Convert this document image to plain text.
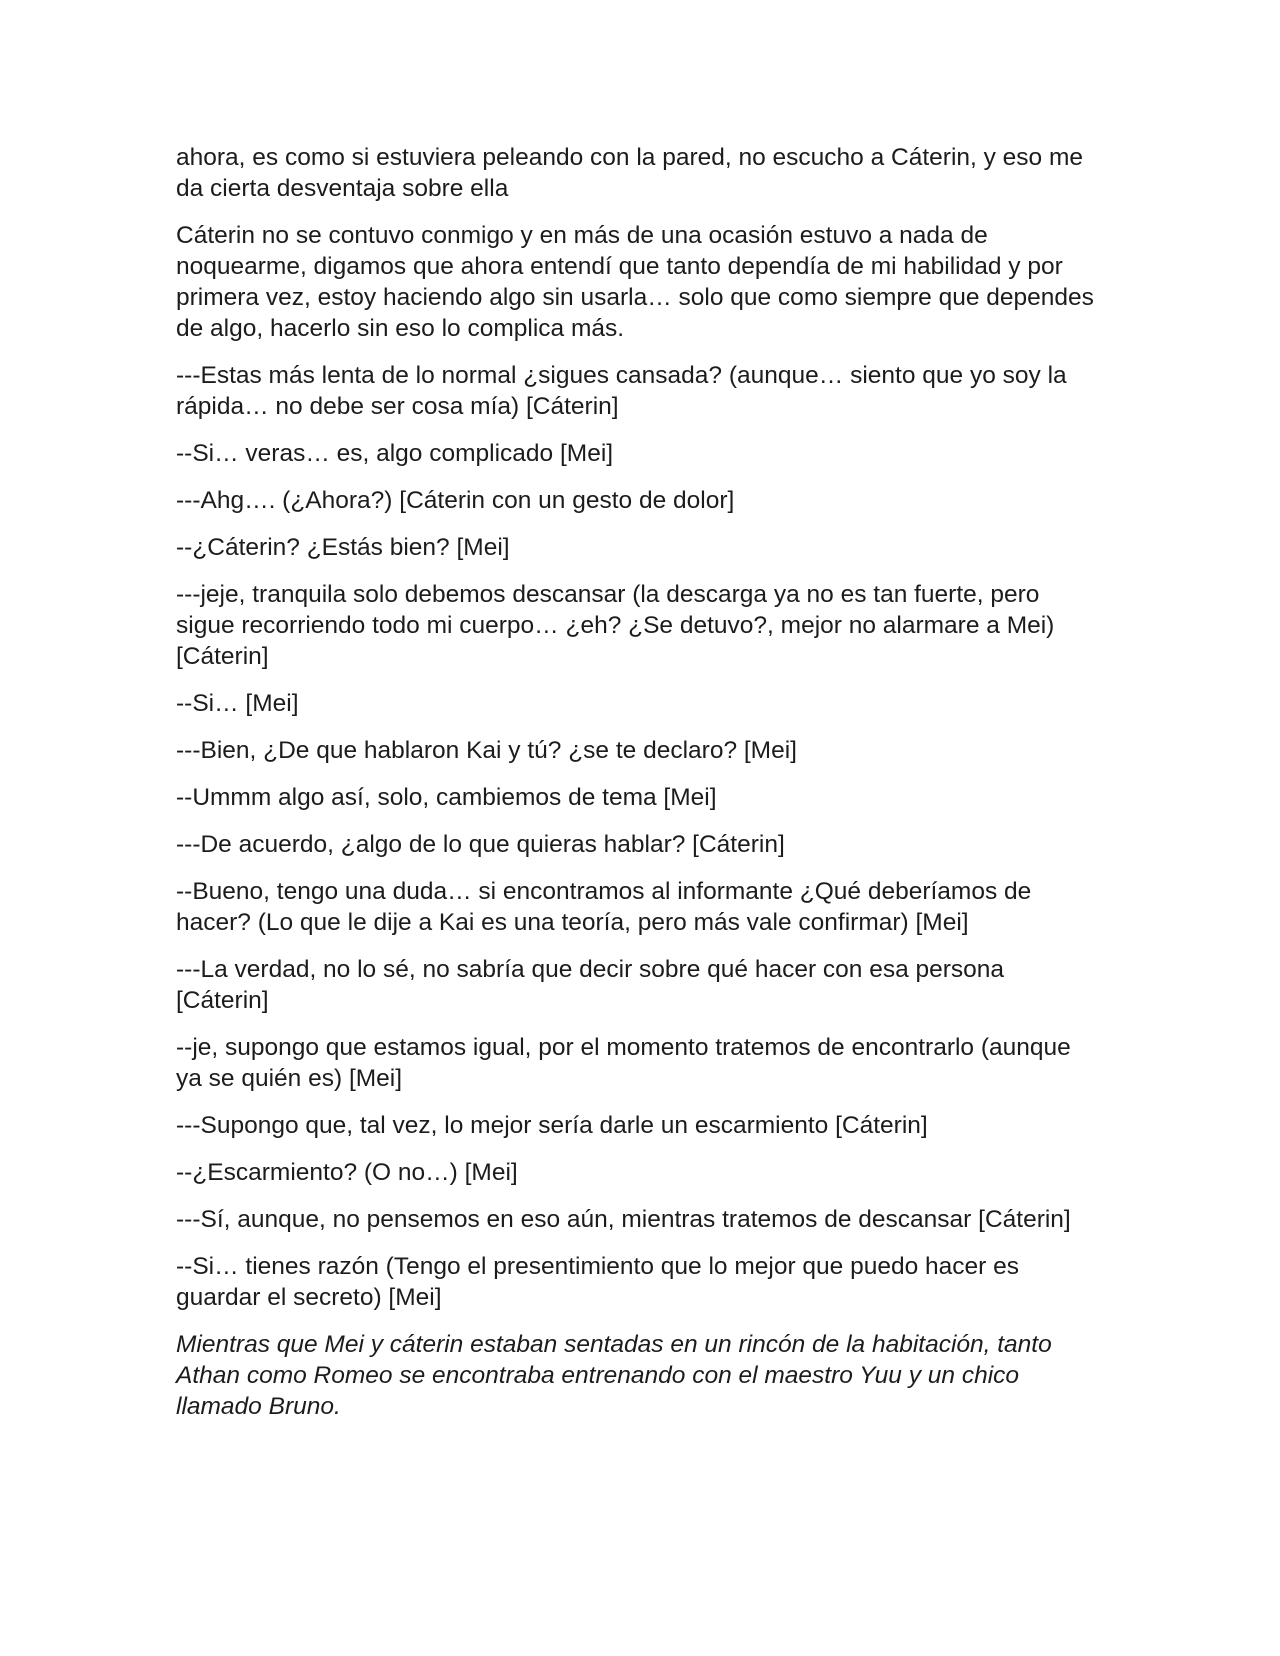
ahora, es como si estuviera peleando con la pared, no escucho a Cáterin, y eso me da cierta desventaja sobre ella

Cáterin no se contuvo conmigo y en más de una ocasión estuvo a nada de noquearme, digamos que ahora entendí que tanto dependía de mi habilidad y por primera vez, estoy haciendo algo sin usarla… solo que como siempre que dependes de algo, hacerlo sin eso lo complica más.

---Estas más lenta de lo normal ¿sigues cansada? (aunque… siento que yo soy la rápida… no debe ser cosa mía) [Cáterin]

--Si… veras… es, algo complicado [Mei]

---Ahg…. (¿Ahora?) [Cáterin con un gesto de dolor]

--¿Cáterin? ¿Estás bien? [Mei]

---jeje, tranquila solo debemos descansar (la descarga ya no es tan fuerte, pero sigue recorriendo todo mi cuerpo… ¿eh? ¿Se detuvo?, mejor no alarmare a Mei) [Cáterin]

--Si… [Mei]

---Bien, ¿De que hablaron Kai y tú? ¿se te declaro? [Mei]

--Ummm algo así, solo, cambiemos de tema [Mei]

---De acuerdo, ¿algo de lo que quieras hablar? [Cáterin]

--Bueno, tengo una duda… si encontramos al informante ¿Qué deberíamos de hacer? (Lo que le dije a Kai es una teoría, pero más vale confirmar) [Mei]

---La verdad, no lo sé, no sabría que decir sobre qué hacer con esa persona [Cáterin]

--je, supongo que estamos igual, por el momento tratemos de encontrarlo (aunque ya se quién es) [Mei]

---Supongo que, tal vez, lo mejor sería darle un escarmiento [Cáterin]

--¿Escarmiento? (O no…) [Mei]

---Sí, aunque, no pensemos en eso aún, mientras tratemos de descansar [Cáterin]

--Si… tienes razón (Tengo el presentimiento que lo mejor que puedo hacer es guardar el secreto) [Mei]

Mientras que Mei y cáterin estaban sentadas en un rincón de la habitación, tanto Athan como Romeo se encontraba entrenando con el maestro Yuu y un chico llamado Bruno.
